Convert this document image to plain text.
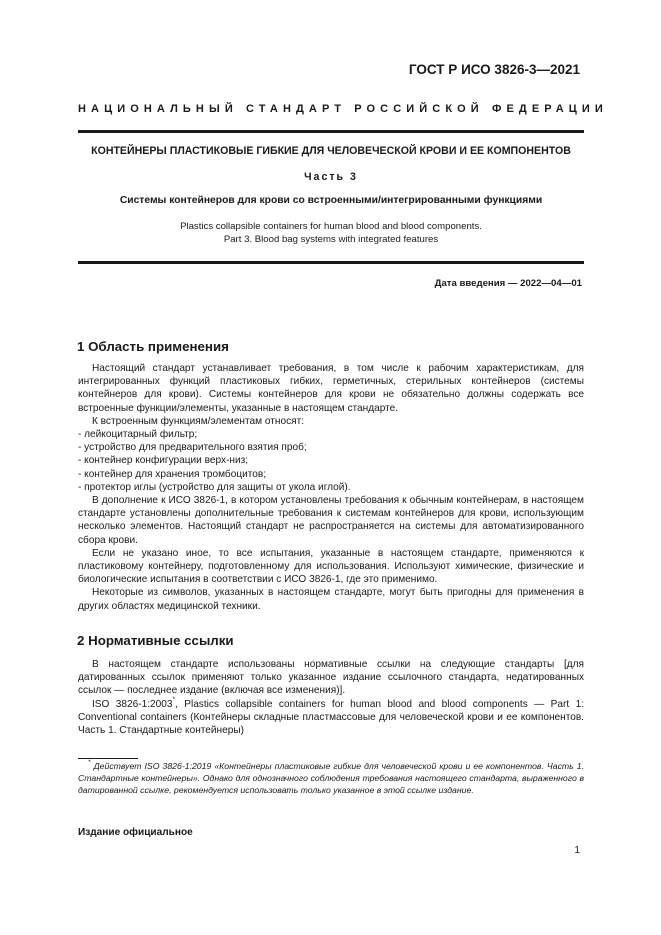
ГОСТ Р ИСО 3826-3—2021
НАЦИОНАЛЬНЫЙ СТАНДАРТ РОССИЙСКОЙ ФЕДЕРАЦИИ
КОНТЕЙНЕРЫ ПЛАСТИКОВЫЕ ГИБКИЕ ДЛЯ ЧЕЛОВЕЧЕСКОЙ КРОВИ И ЕЕ КОМПОНЕНТОВ
Часть 3
Системы контейнеров для крови со встроенными/интегрированными функциями
Plastics collapsible containers for human blood and blood components.
Part 3. Blood bag systems with integrated features
Дата введения — 2022—04—01
1 Область применения

Настоящий стандарт устанавливает требования, в том числе к рабочим характеристикам, для интегрированных функций пластиковых гибких, герметичных, стерильных контейнеров (системы контейнеров для крови). Системы контейнеров для крови не обязательно должны содержать все встроенные функции/элементы, указанные в настоящем стандарте.

К встроенным функциям/элементам относят:

- лейкоцитарный фильтр;

- устройство для предварительного взятия проб;

- контейнер конфигурации верх-низ;

- контейнер для хранения тромбоцитов;

- протектор иглы (устройство для защиты от укола иглой).

В дополнение к ИСО 3826-1, в котором установлены требования к обычным контейнерам, в настоящем стандарте установлены дополнительные требования к системам контейнеров для крови, использующим несколько элементов. Настоящий стандарт не распространяется на системы для автоматизированного сбора крови.

Если не указано иное, то все испытания, указанные в настоящем стандарте, применяются к пластиковому контейнеру, подготовленному для использования. Используют химические, физические и биологические испытания в соответствии с ИСО 3826-1, где это применимо.

Некоторые из символов, указанных в настоящем стандарте, могут быть пригодны для применения в других областях медицинской техники.

2 Нормативные ссылки

В настоящем стандарте использованы нормативные ссылки на следующие стандарты [для датированных ссылок применяют только указанное издание ссылочного стандарта, недатированных ссылок — последнее издание (включая все изменения)].

ISO 3826-1:2003*, Plastics collapsible containers for human blood and blood components — Part 1: Conventional containers (Контейнеры складные пластмассовые для человеческой крови и ее компонентов. Часть 1. Стандартные контейнеры)

* Действует ISO 3826-1:2019 «Контейнеры пластиковые гибкие для человеческой крови и ее компонентов. Часть 1. Стандартные контейнеры». Однако для однозначного соблюдения требования настоящего стандарта, выраженного в датированной ссылке, рекомендуется использовать только указанное в этой ссылке издание.

Издание официальное
1
